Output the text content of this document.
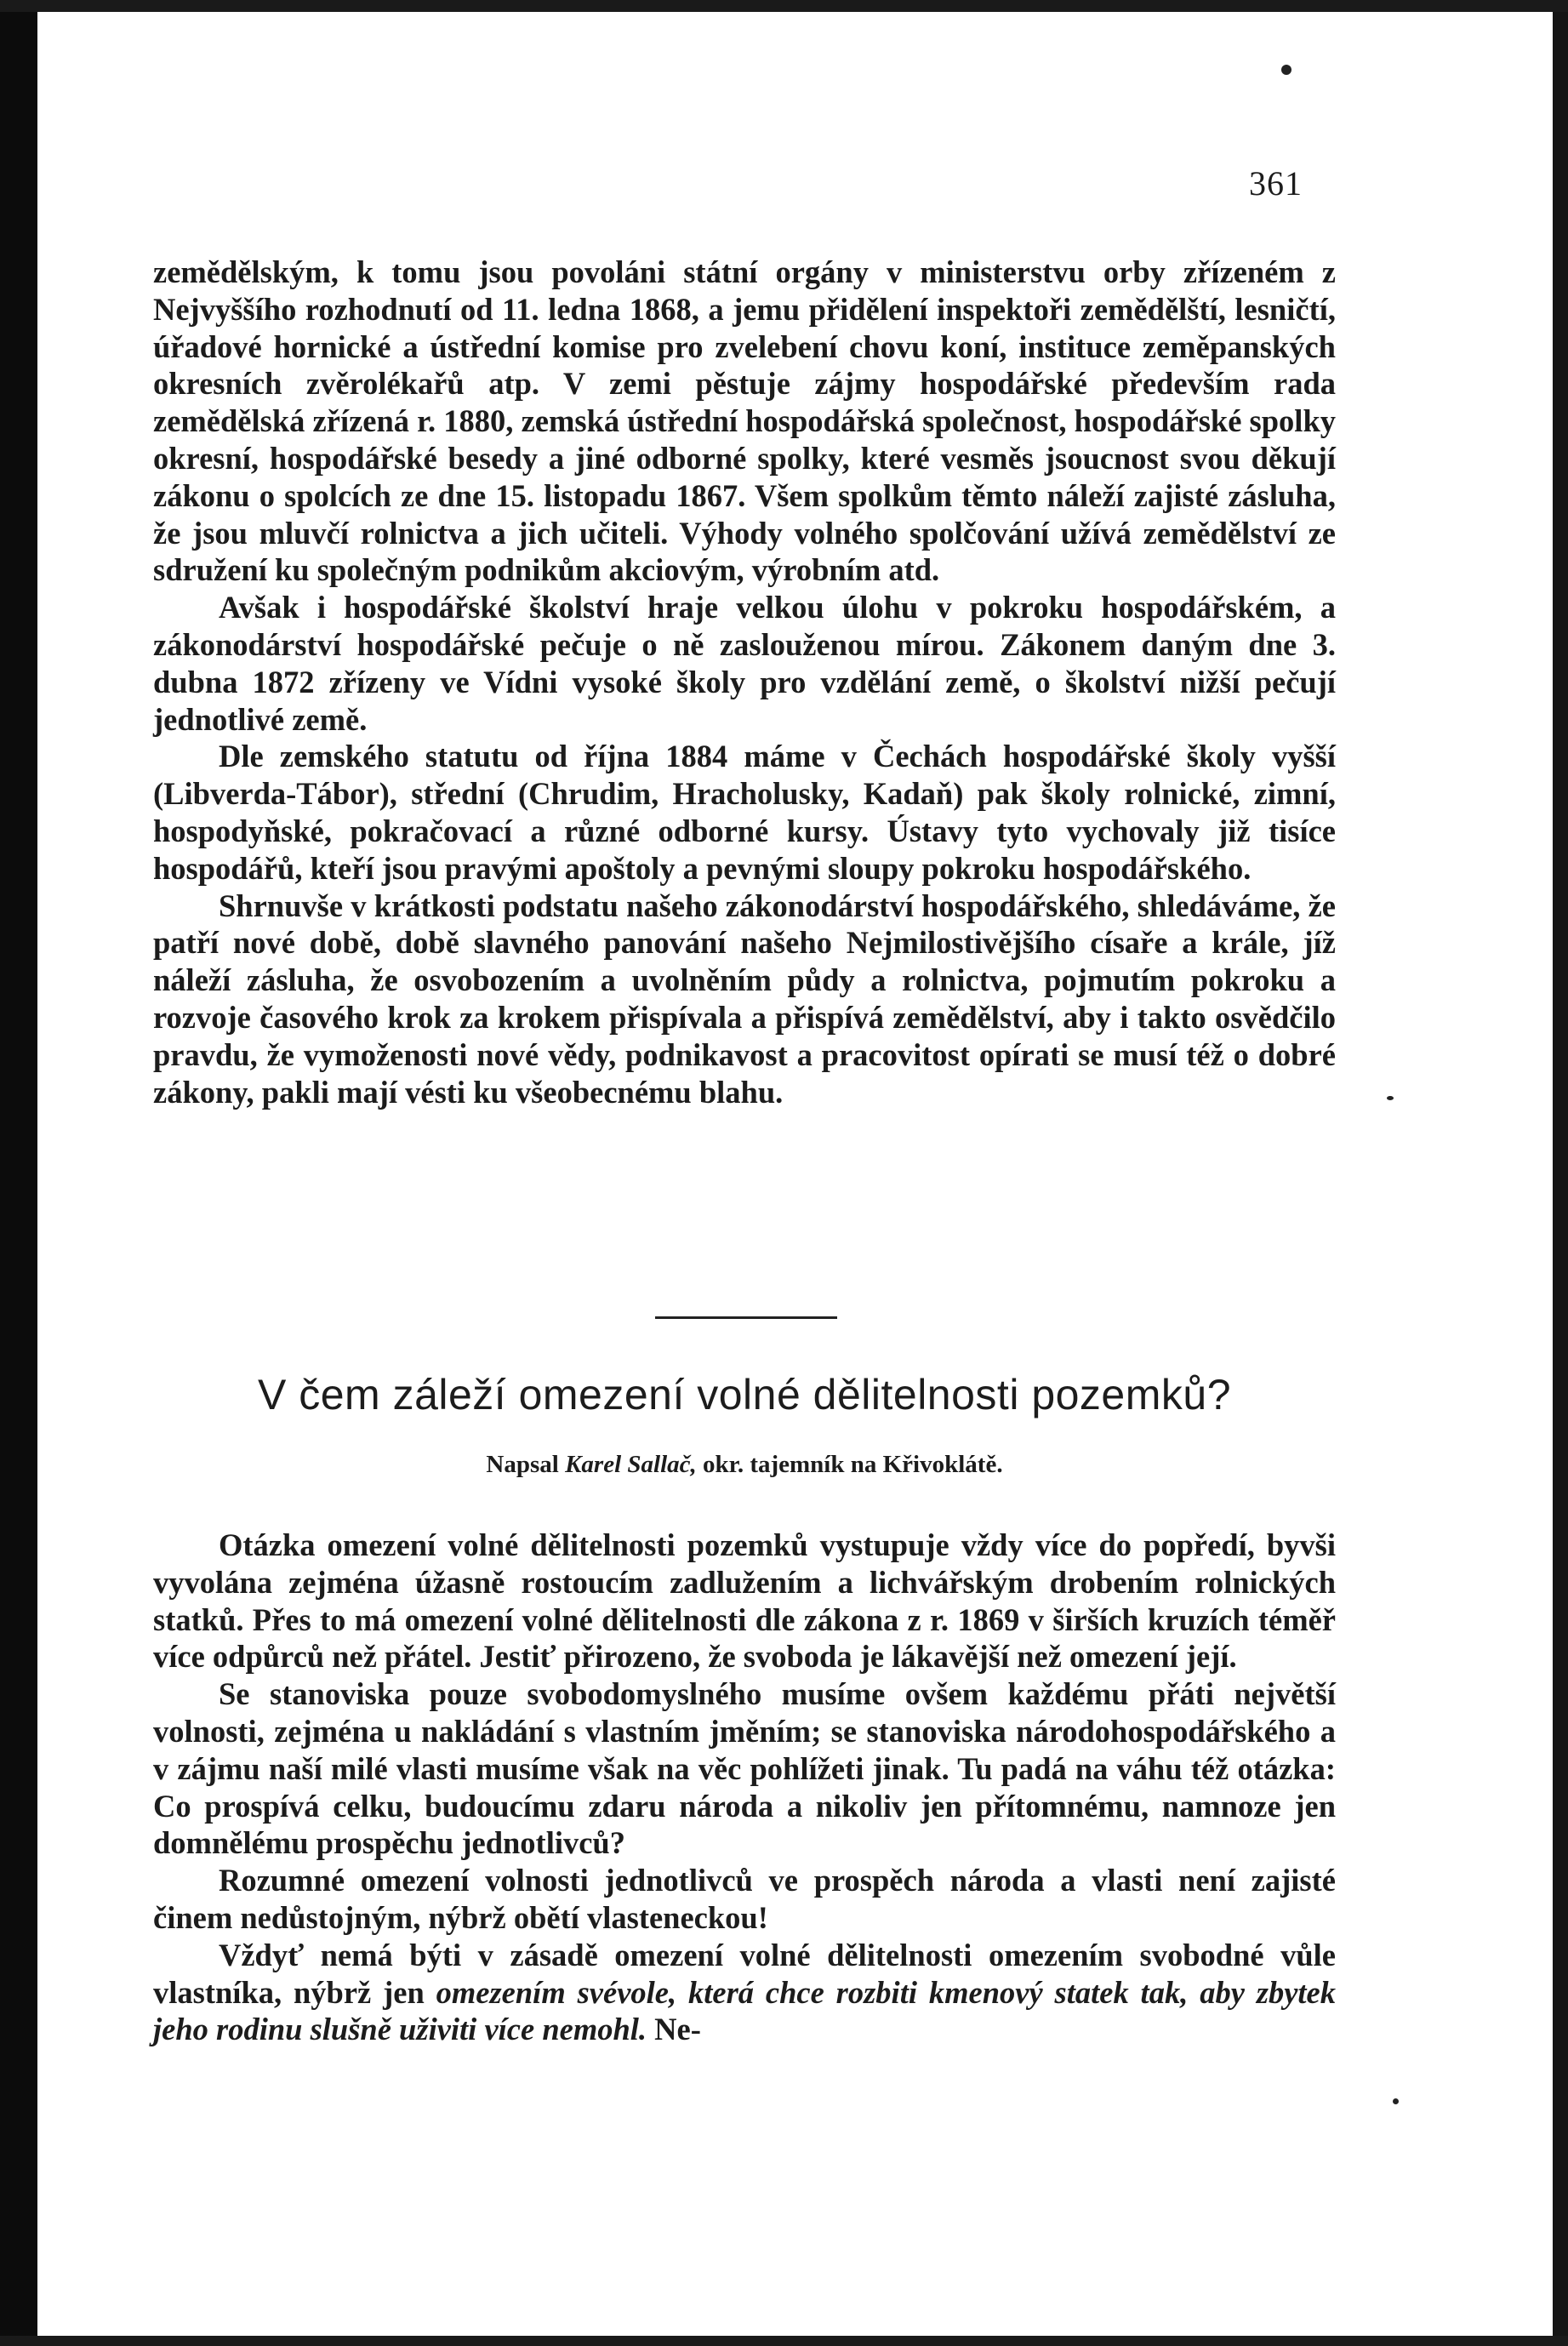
361

zemědělským, k tomu jsou povoláni státní orgány v ministerstvu orby zřízeném z Nejvyššího rozhodnutí od 11. ledna 1868, a jemu přidělení inspektoři zemědělští, lesničtí, úřadové hornické a ústřední komise pro zvelebení chovu koní, instituce zeměpanských okresních zvěrolékařů atp. V zemi pěstuje zájmy hospodářské především rada zemědělská zřízená r. 1880, zemská ústřední hospodářská společnost, hospodářské spolky okresní, hospodářské besedy a jiné odborné spolky, které vesměs jsoucnost svou děkují zákonu o spolcích ze dne 15. listopadu 1867. Všem spolkům těmto náleží zajisté zásluha, že jsou mluvčí rolnictva a jich učiteli. Výhody volného spolčování užívá zemědělství ze sdružení ku společným podnikům akciovým, výrobním atd.

Avšak i hospodářské školství hraje velkou úlohu v pokroku hospodářském, a zákonodárství hospodářské pečuje o ně zaslouženou mírou. Zákonem daným dne 3. dubna 1872 zřízeny ve Vídni vysoké školy pro vzdělání země, o školství nižší pečují jednotlivé země.

Dle zemského statutu od října 1884 máme v Čechách hospodářské školy vyšší (Libverda-Tábor), střední (Chrudim, Hracholusky, Kadaň) pak školy rolnické, zimní, hospodyňské, pokračovací a různé odborné kursy. Ústavy tyto vychovaly již tisíce hospodářů, kteří jsou pravými apoštoly a pevnými sloupy pokroku hospodářského.

Shrnuvše v krátkosti podstatu našeho zákonodárství hospodářského, shledáváme, že patří nové době, době slavného panování našeho Nejmilostivějšího císaře a krále, jíž náleží zásluha, že osvobozením a uvolněním půdy a rolnictva, pojmutím pokroku a rozvoje časového krok za krokem přispívala a přispívá zemědělství, aby i takto osvědčilo pravdu, že vymoženosti nové vědy, podnikavost a pracovitost opírati se musí též o dobré zákony, pakli mají vésti ku všeobecnému blahu.

V čem záleží omezení volné dělitelnosti pozemků?
Napsal Karel Sallač, okr. tajemník na Křivoklátě.

Otázka omezení volné dělitelnosti pozemků vystupuje vždy více do popředí, byvši vyvolána zejména úžasně rostoucím zadlužením a lichvářským drobením rolnických statků. Přes to má omezení volné dělitelnosti dle zákona z r. 1869 v širších kruzích téměř více odpůrců než přátel. Jestiť přirozeno, že svoboda je lákavější než omezení její.

Se stanoviska pouze svobodomyslného musíme ovšem každému přáti největší volnosti, zejména u nakládání s vlastním jměním; se stanoviska národohospodářského a v zájmu naší milé vlasti musíme však na věc pohlížeti jinak. Tu padá na váhu též otázka: Co prospívá celku, budoucímu zdaru národa a nikoliv jen přítomnému, namnoze jen domnělému prospěchu jednotlivců?

Rozumné omezení volnosti jednotlivců ve prospěch národa a vlasti není zajisté činem nedůstojným, nýbrž obětí vlasteneckou!

Vždyť nemá býti v zásadě omezení volné dělitelnosti omezením svobodné vůle vlastníka, nýbrž jen omezením svévole, která chce rozbiti kmenový statek tak, aby zbytek jeho rodinu slušně uživiti více nemohl. Ne-
